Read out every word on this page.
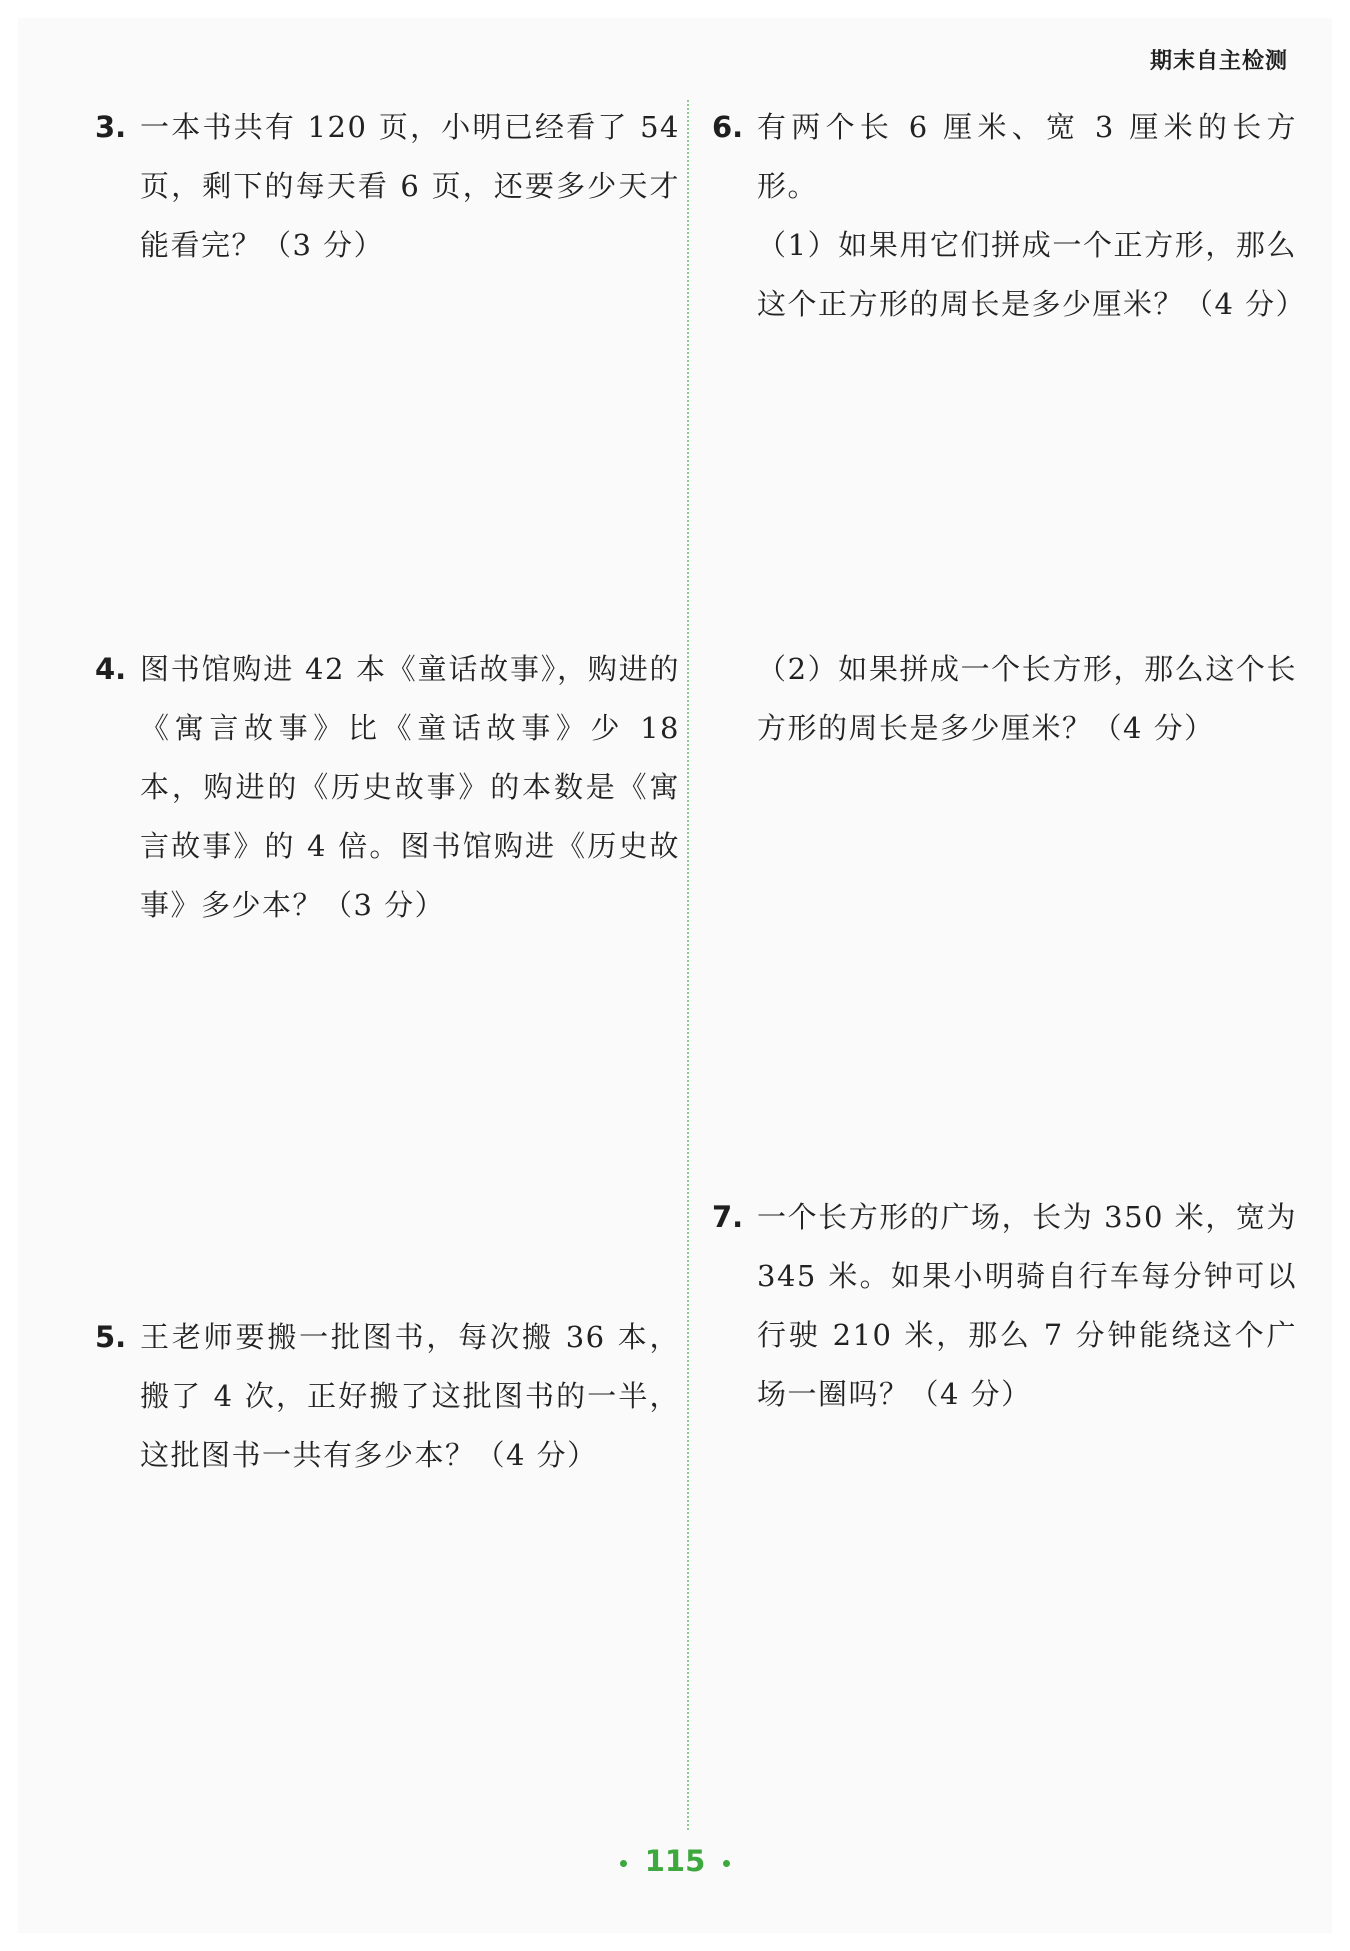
期末自主检测
3. 一本书共有 120 页，小明已经看了 54 页，剩下的每天看 6 页，还要多少天才能看完？（3 分）

4. 图书馆购进 42 本《童话故事》，购进的《寓言故事》比《童话故事》少 18 本，购进的《历史故事》的本数是《寓言故事》的 4 倍。图书馆购进《历史故事》多少本？（3 分）

5. 王老师要搬一批图书，每次搬 36 本，搬了 4 次，正好搬了这批图书的一半，这批图书一共有多少本？（4 分）

6. 有两个长 6 厘米、宽 3 厘米的长方形。

（1）如果用它们拼成一个正方形，那么这个正方形的周长是多少厘米？（4 分）

（2）如果拼成一个长方形，那么这个长方形的周长是多少厘米？（4 分）

7. 一个长方形的广场，长为 350 米，宽为 345 米。如果小明骑自行车每分钟可以行驶 210 米，那么 7 分钟能绕这个广场一圈吗？（4 分）

115
